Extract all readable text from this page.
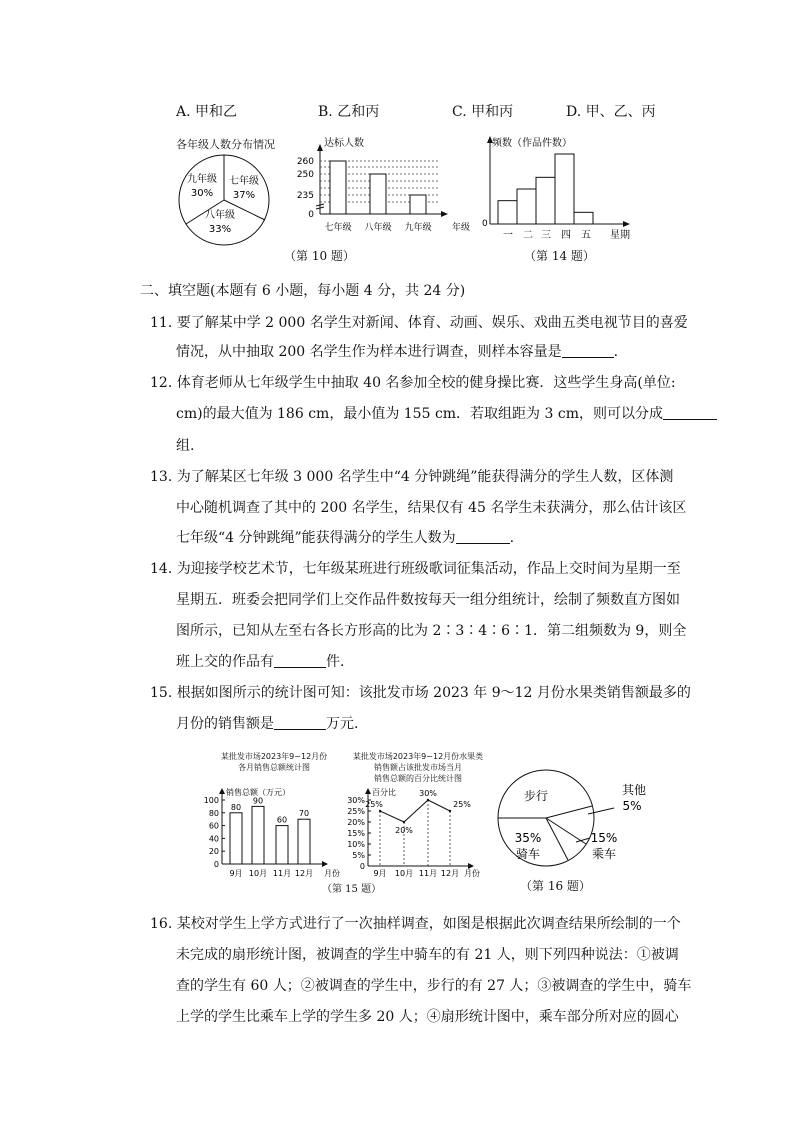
A. 甲和乙	B. 乙和丙	C. 甲和丙	D. 甲、乙、丙
各年级人数分布情况
七年级
37%
八年级
33%
九年级
30%
达标人数
260
250
235
0
七年级 八年级 九年级 年级
（第 10 题）
频数（作品件数）
0
一 二 三 四 五 星期
（第 14 题）
二、填空题(本题有 6 小题，每小题 4 分，共 24 分)
11. 要了解某中学 2 000 名学生对新闻、体育、动画、娱乐、戏曲五类电视节目的喜爱
情况，从中抽取 200 名学生作为样本进行调查，则样本容量是	.
12. 体育老师从七年级学生中抽取 40 名参加全校的健身操比赛．这些学生身高(单位:
cm)的最大值为 186 cm，最小值为 155 cm．若取组距为 3 cm，则可以分成
组.
13. 为了解某区七年级 3 000 名学生中“4 分钟跳绳”能获得满分的学生人数，区体测
中心随机调查了其中的 200 名学生，结果仅有 45 名学生未获满分，那么估计该区
七年级“4 分钟跳绳”能获得满分的学生人数为	.
14. 为迎接学校艺术节，七年级某班进行班级歌词征集活动，作品上交时间为星期一至
星期五．班委会把同学们上交作品件数按每天一组分组统计，绘制了频数直方图如
图所示，已知从左至右各长方形高的比为 2∶3∶4∶6∶1．第二组频数为 9，则全
班上交的作品有	件.
15. 根据如图所示的统计图可知：该批发市场 2023 年 9～12 月份水果类销售额最多的
月份的销售额是	万元.
某批发市场2023年9~12月份
各月销售总额统计图
某批发市场2023年9~12月份水果类
销售额占该批发市场当月
销售总额的百分比统计图
销售总额（万元）
100
80
60
40
20
0
80
90
60
70
9月 10月 11月 12月 月份
百分比
30%
25%
20%
15%
10%
5%
0
25%
20%
30%
25%
9月 10月 11月 12月 月份
（第 15 题）
步行
35%
骑车
其他
5%
15%
乘车
（第 16 题）
16. 某校对学生上学方式进行了一次抽样调查，如图是根据此次调查结果所绘制的一个
未完成的扇形统计图，被调查的学生中骑车的有 21 人，则下列四种说法：①被调
查的学生有 60 人；②被调查的学生中，步行的有 27 人；③被调查的学生中，骑车
上学的学生比乘车上学的学生多 20 人；④扇形统计图中，乘车部分所对应的圆心
